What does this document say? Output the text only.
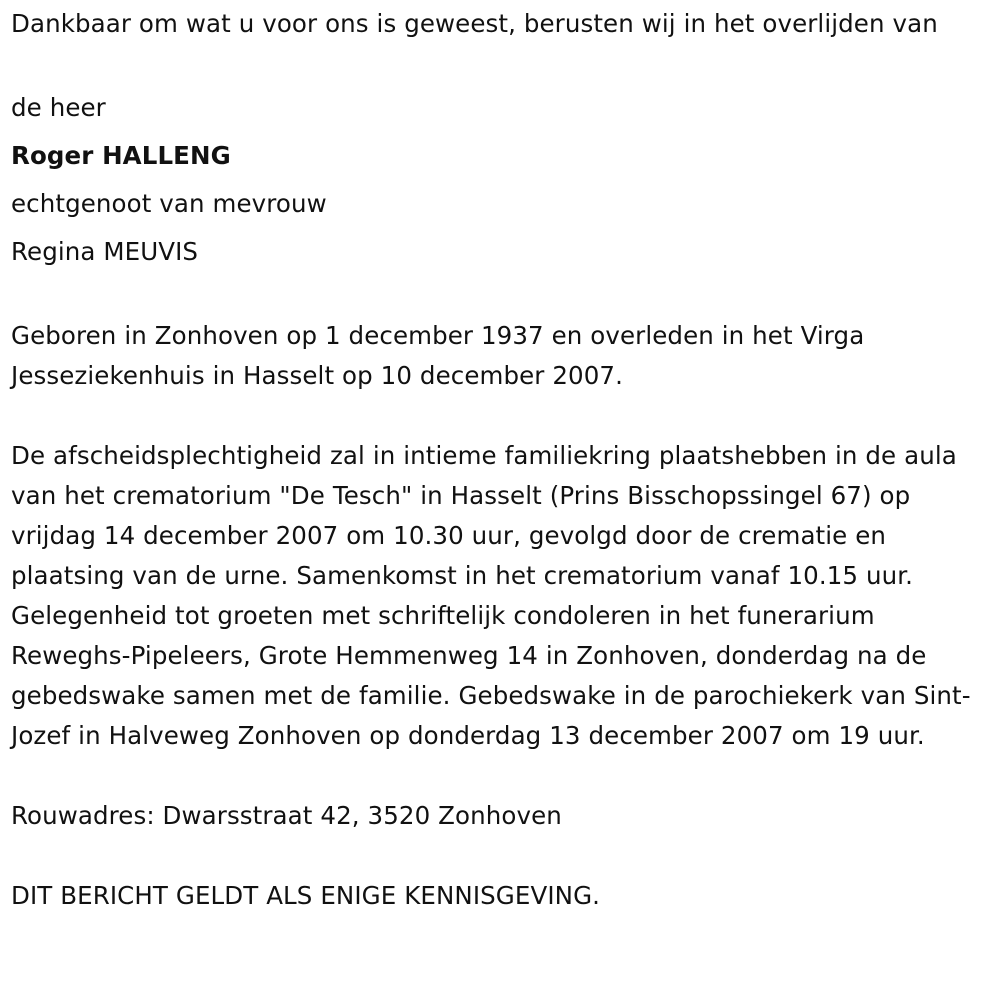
Dankbaar om wat u voor ons is geweest, berusten wij in het overlijden van

de heer

Roger HALLENG

echtgenoot van mevrouw

Regina MEUVIS

Geboren in Zonhoven op 1 december 1937 en overleden in het Virga Jesseziekenhuis in Hasselt op 10 december 2007.

De afscheidsplechtigheid zal in intieme familiekring plaatshebben in de aula van het crematorium "De Tesch" in Hasselt (Prins Bisschopssingel 67) op vrijdag 14 december 2007 om 10.30 uur, gevolgd door de crematie en plaatsing van de urne. Samenkomst in het crematorium vanaf 10.15 uur. Gelegenheid tot groeten met schriftelijk condoleren in het funerarium Reweghs-Pipeleers, Grote Hemmenweg 14 in Zonhoven, donderdag na de gebedswake samen met de familie. Gebedswake in de parochiekerk van Sint-Jozef in Halveweg Zonhoven op donderdag 13 december 2007 om 19 uur.

Rouwadres: Dwarsstraat 42, 3520 Zonhoven

DIT BERICHT GELDT ALS ENIGE KENNISGEVING.
